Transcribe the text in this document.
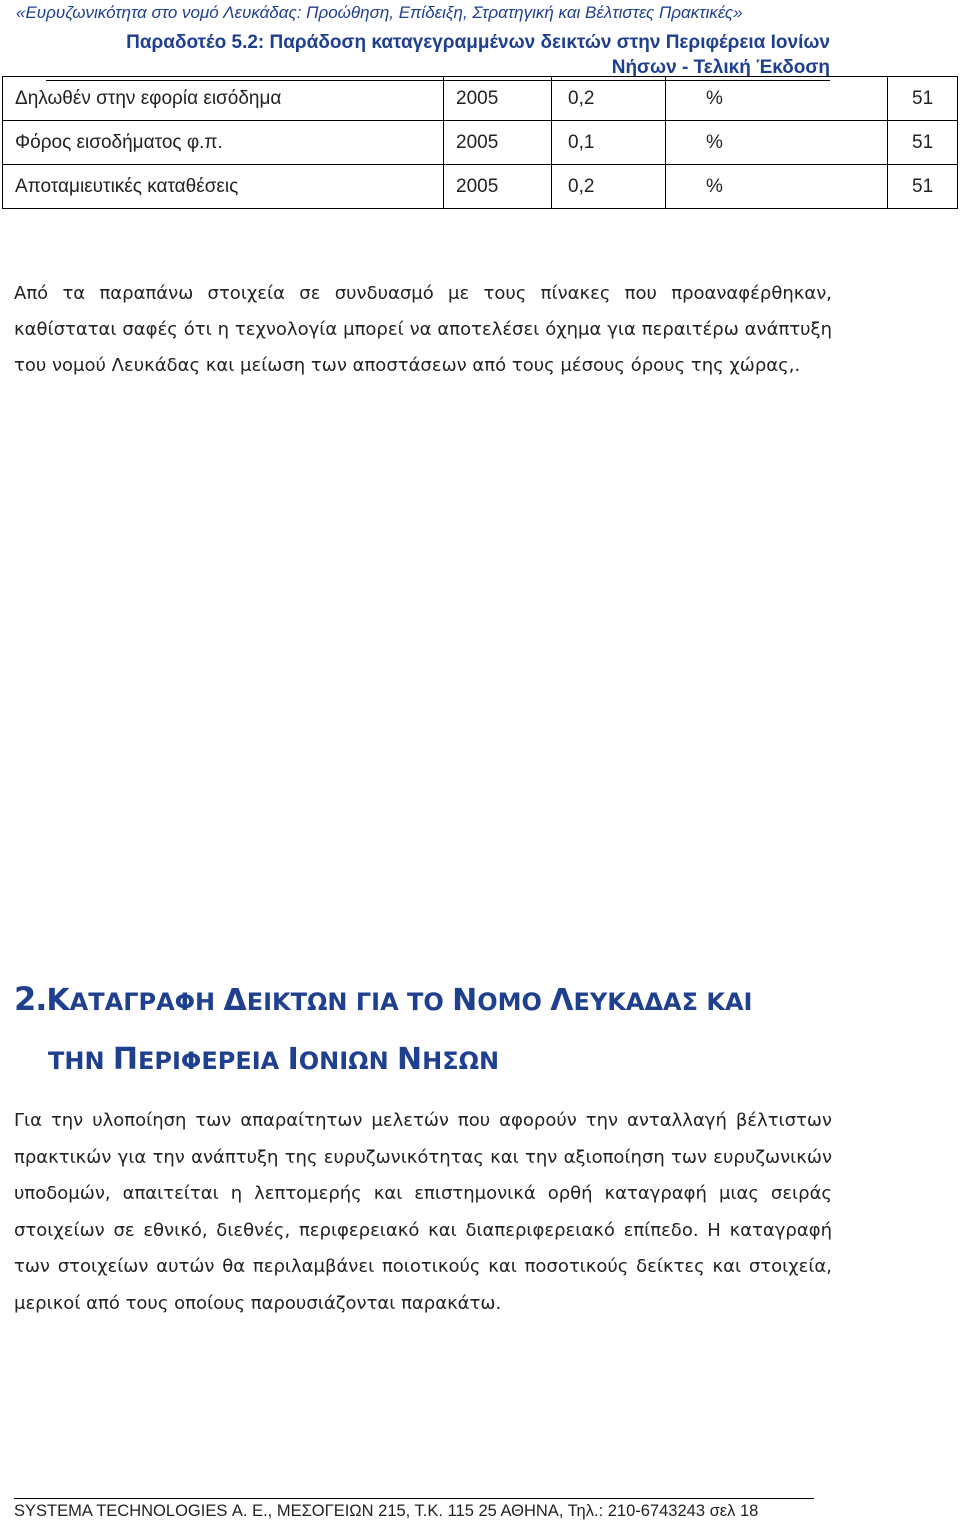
«Ευρυζωνικότητα στο νομό Λευκάδας: Προώθηση, Επίδειξη, Στρατηγική και Βέλτιστες Πρακτικές»
Παραδοτέο 5.2: Παράδοση καταγεγραμμένων δεικτών στην Περιφέρεια Ιονίων
Νήσων - Τελική Έκδοση
Δηλωθέν στην εφορία εισόδημα	2005	0,2	%	51
Φόρος εισοδήματος φ.π.	2005	0,1	%	51
Αποταμιευτικές καταθέσεις	2005	0,2	%	51

Από τα παραπάνω στοιχεία σε συνδυασμό με τους πίνακες που προαναφέρθηκαν, καθίσταται σαφές ότι η τεχνολογία μπορεί να αποτελέσει όχημα για περαιτέρω ανάπτυξη του νομού Λευκάδας και μείωση των αποστάσεων από τους μέσους όρους της χώρας,.

2.ΚΑΤΑΓΡΑΦΗ ΔΕΙΚΤΩΝ ΓΙΑ ΤΟ ΝΟΜΟ ΛΕΥΚΑΔΑΣ ΚΑΙ
ΤΗΝ ΠΕΡΙΦΕΡΕΙΑ ΙΟΝΙΩΝ ΝΗΣΩΝ

Για την υλοποίηση των απαραίτητων μελετών που αφορούν την ανταλλαγή βέλτιστων πρακτικών για την ανάπτυξη της ευρυζωνικότητας και την αξιοποίηση των ευρυζωνικών υποδομών, απαιτείται η λεπτομερής και επιστημονικά ορθή καταγραφή μιας σειράς στοιχείων σε εθνικό, διεθνές, περιφερειακό και διαπεριφερειακό επίπεδο. Η καταγραφή των στοιχείων αυτών θα περιλαμβάνει ποιοτικούς και ποσοτικούς δείκτες και στοιχεία, μερικοί από τους οποίους παρουσιάζονται παρακάτω.

SYSTEMA TECHNOLOGIES Α. Ε., ΜΕΣΟΓΕΙΩΝ 215, Τ.Κ. 115 25 ΑΘΗΝΑ, Τηλ.: 210-6743243 σελ 18
